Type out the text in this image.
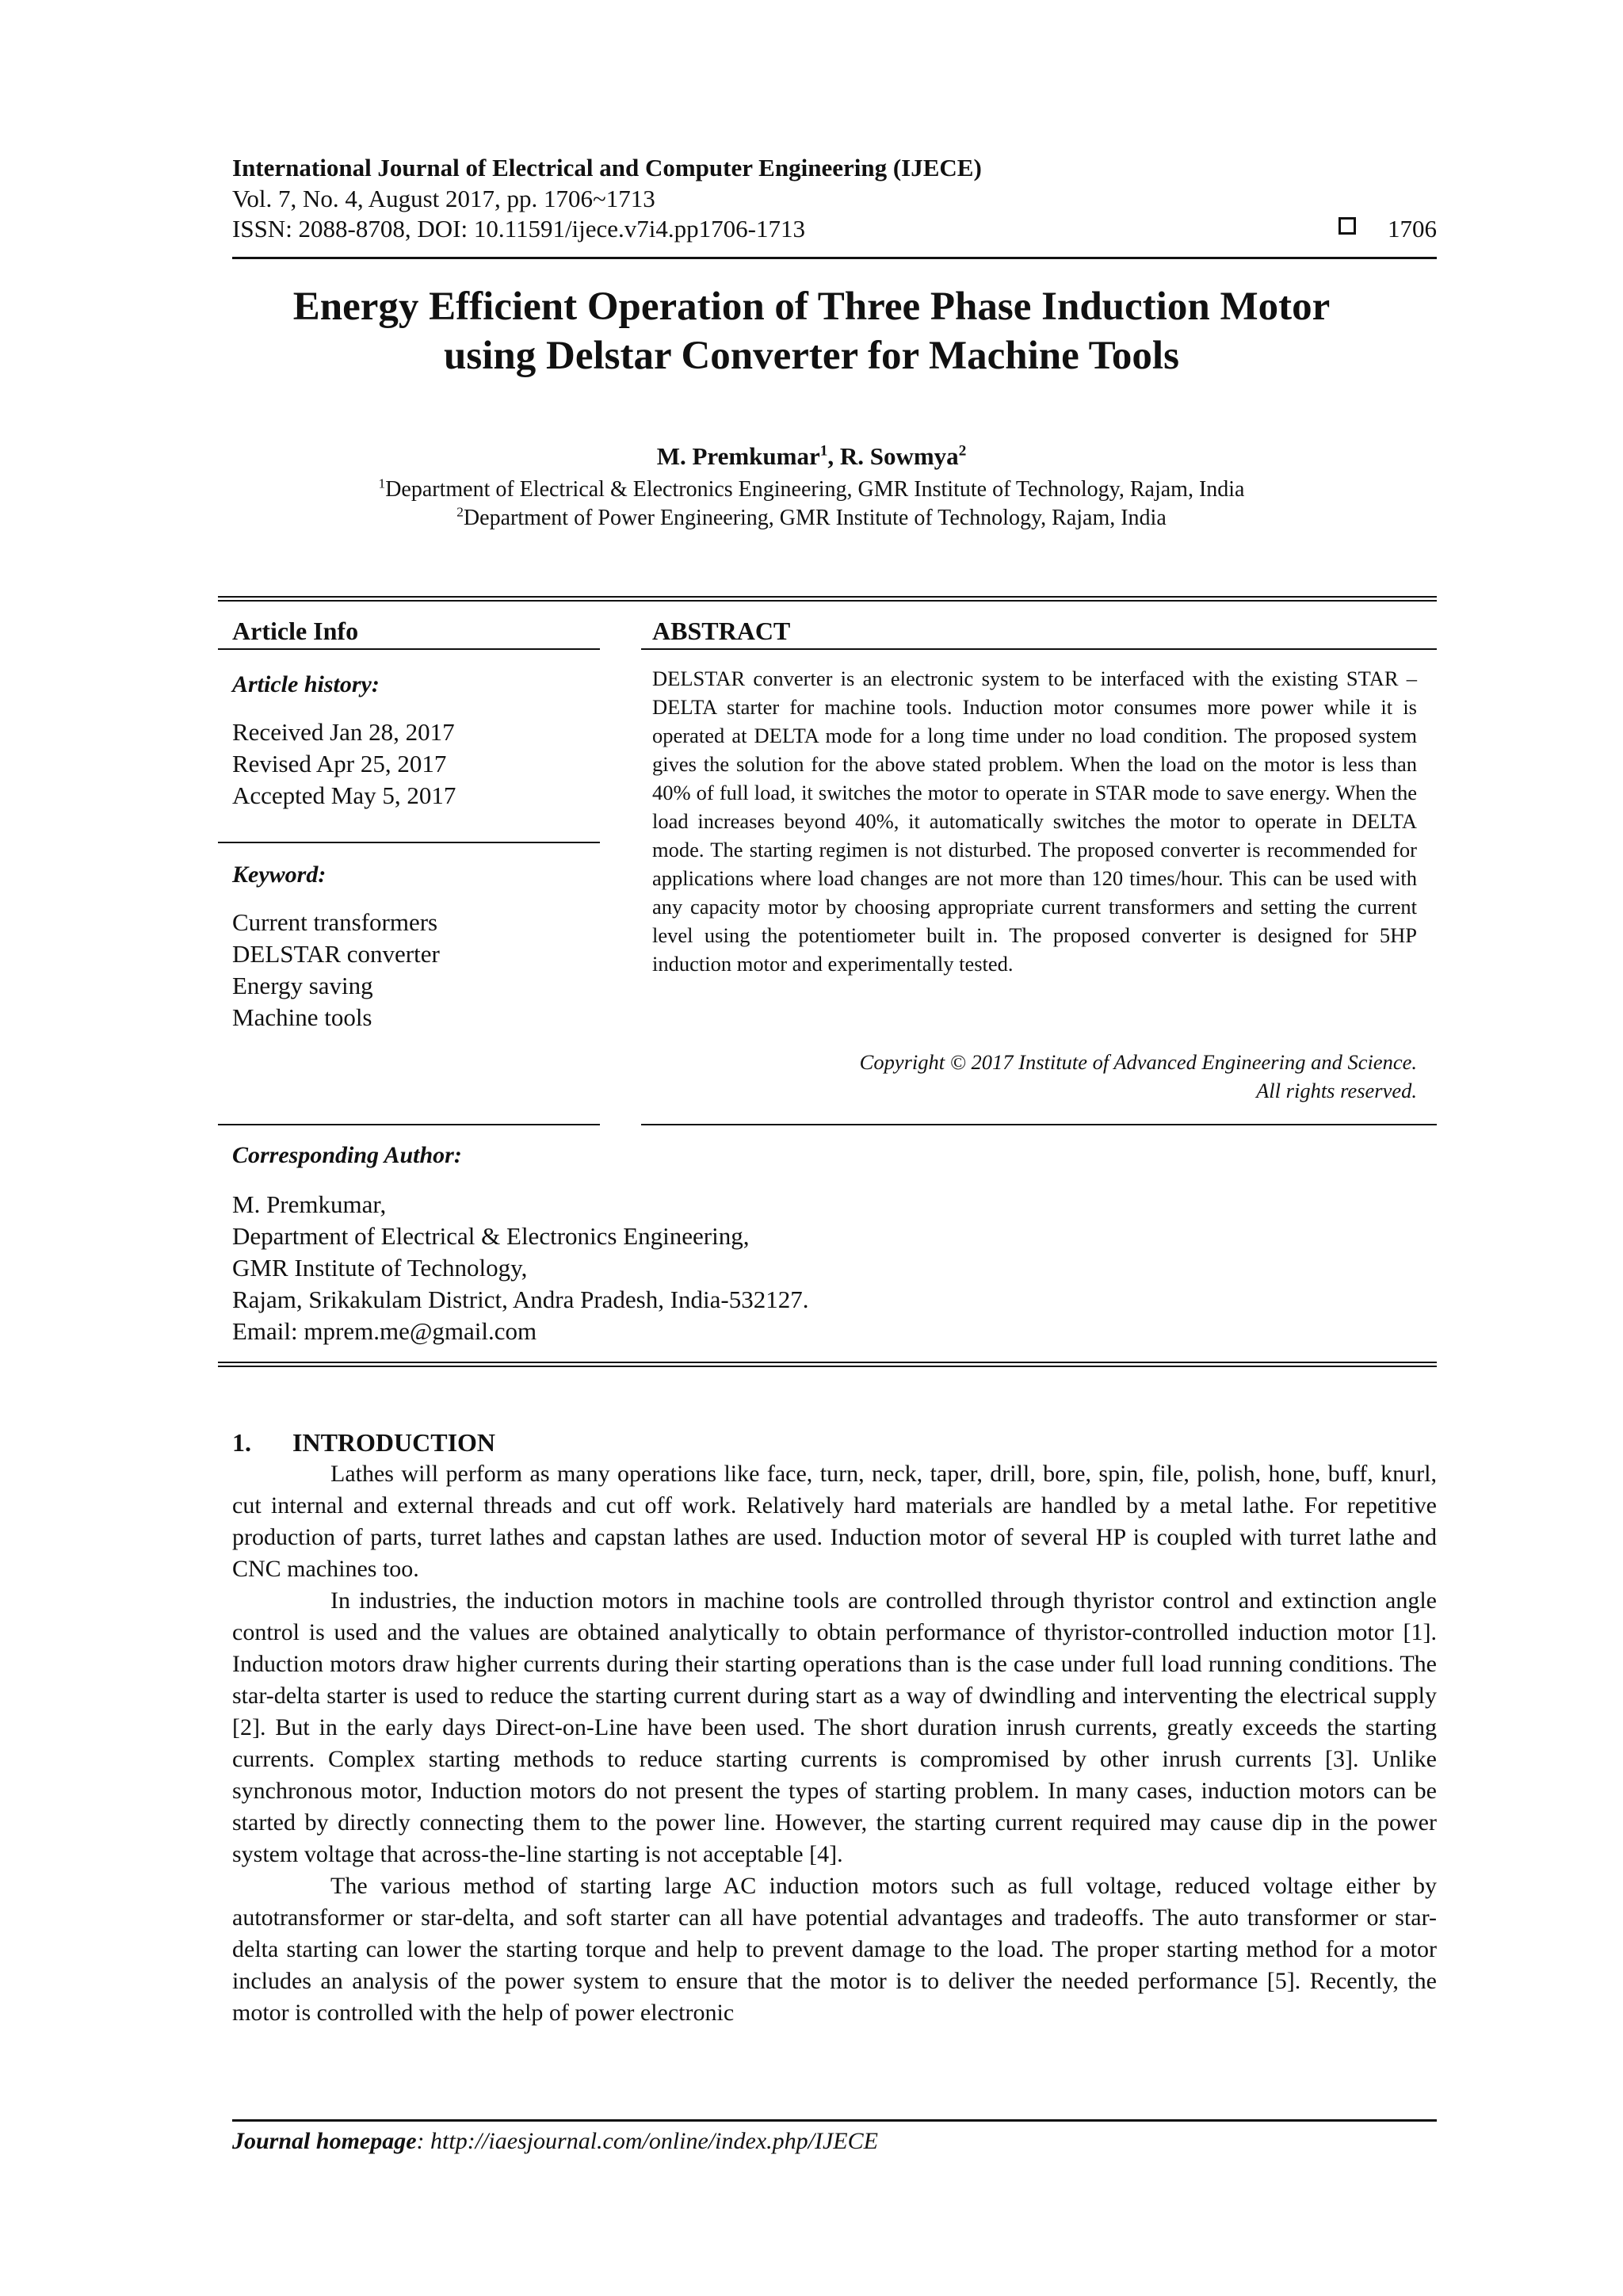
International Journal of Electrical and Computer Engineering (IJECE)
Vol. 7, No. 4, August 2017, pp. 1706~1713
ISSN: 2088-8708, DOI: 10.11591/ijece.v7i4.pp1706-1713	1706
Energy Efficient Operation of Three Phase Induction Motor
using Delstar Converter for Machine Tools
M. Premkumar$^1$, R. Sowmya$^2$
$^1$Department of Electrical & Electronics Engineering, GMR Institute of Technology, Rajam, India
$^2$Department of Power Engineering, GMR Institute of Technology, Rajam, India
Article Info
Article history:
Received Jan 28, 2017
Revised Apr 25, 2017
Accepted May 5, 2017
Keyword:
Current transformers
DELSTAR converter
Energy saving
Machine tools
ABSTRACT
DELSTAR converter is an electronic system to be interfaced with the existing STAR – DELTA starter for machine tools. Induction motor consumes more power while it is operated at DELTA mode for a long time under no load condition. The proposed system gives the solution for the above stated problem. When the load on the motor is less than 40% of full load, it switches the motor to operate in STAR mode to save energy. When the load increases beyond 40%, it automatically switches the motor to operate in DELTA mode. The starting regimen is not disturbed. The proposed converter is recommended for applications where load changes are not more than 120 times/hour. This can be used with any capacity motor by choosing appropriate current transformers and setting the current level using the potentiometer built in. The proposed converter is designed for 5HP induction motor and experimentally tested.
Copyright © 2017 Institute of Advanced Engineering and Science.
All rights reserved.
Corresponding Author:
M. Premkumar,
Department of Electrical & Electronics Engineering,
GMR Institute of Technology,
Rajam, Srikakulam District, Andra Pradesh, India-532127.
Email: mprem.me@gmail.com
1. INTRODUCTION

Lathes will perform as many operations like face, turn, neck, taper, drill, bore, spin, file, polish, hone, buff, knurl, cut internal and external threads and cut off work. Relatively hard materials are handled by a metal lathe. For repetitive production of parts, turret lathes and capstan lathes are used. Induction motor of several HP is coupled with turret lathe and CNC machines too.

In industries, the induction motors in machine tools are controlled through thyristor control and extinction angle control is used and the values are obtained analytically to obtain performance of thyristor-controlled induction motor [1]. Induction motors draw higher currents during their starting operations than is the case under full load running conditions. The star-delta starter is used to reduce the starting current during start as a way of dwindling and interventing the electrical supply [2]. But in the early days Direct-on-Line have been used. The short duration inrush currents, greatly exceeds the starting currents. Complex starting methods to reduce starting currents is compromised by other inrush currents [3]. Unlike synchronous motor, Induction motors do not present the types of starting problem. In many cases, induction motors can be started by directly connecting them to the power line. However, the starting current required may cause dip in the power system voltage that across-the-line starting is not acceptable [4].

The various method of starting large AC induction motors such as full voltage, reduced voltage either by autotransformer or star-delta, and soft starter can all have potential advantages and tradeoffs. The auto transformer or star-delta starting can lower the starting torque and help to prevent damage to the load. The proper starting method for a motor includes an analysis of the power system to ensure that the motor is to deliver the needed performance [5]. Recently, the motor is controlled with the help of power electronic

Journal homepage: http://iaesjournal.com/online/index.php/IJECE
